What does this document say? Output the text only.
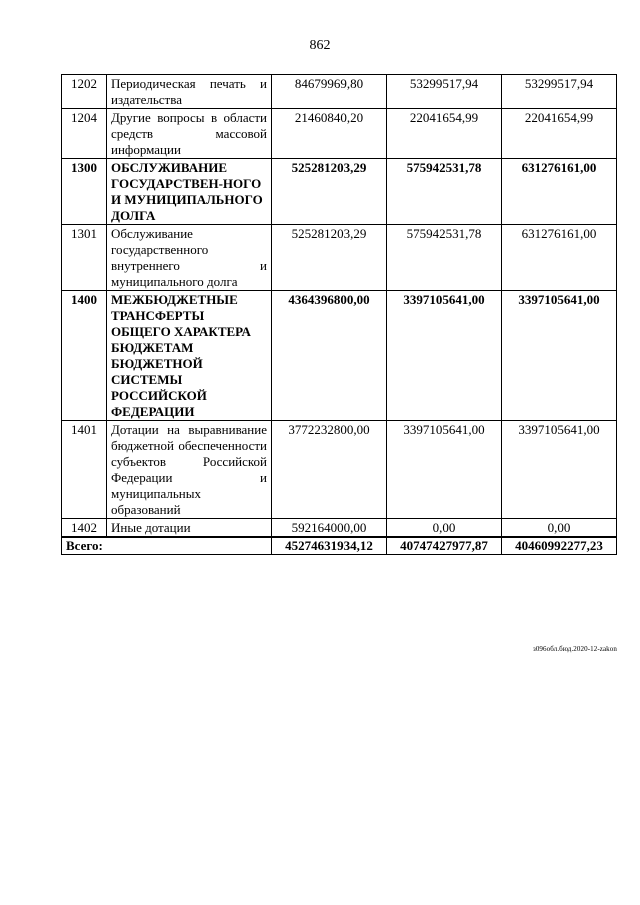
862
1202	Периодическая печать и издательства	84679969,80	53299517,94	53299517,94
1204	Другие вопросы в области средств массовой информации	21460840,20	22041654,99	22041654,99
1300	ОБСЛУЖИВАНИЕ ГОСУДАРСТВЕН-НОГО И МУНИЦИПАЛЬНОГО ДОЛГА	525281203,29	575942531,78	631276161,00
1301	Обслуживание государственного внутреннего и муниципального долга	525281203,29	575942531,78	631276161,00
1400	МЕЖБЮДЖЕТНЫЕ ТРАНСФЕРТЫ ОБЩЕГО ХАРАКТЕРА БЮДЖЕТАМ БЮДЖЕТНОЙ СИСТЕМЫ РОССИЙСКОЙ ФЕДЕРАЦИИ	4364396800,00	3397105641,00	3397105641,00
1401	Дотации на выравнивание бюджетной обеспеченности субъектов Российской Федерации и муниципальных образований	3772232800,00	3397105641,00	3397105641,00
1402	Иные дотации	592164000,00	0,00	0,00
Всего:		45274631934,12	40747427977,87	40460992277,23
з096обл.бюд.2020-12-zakon
